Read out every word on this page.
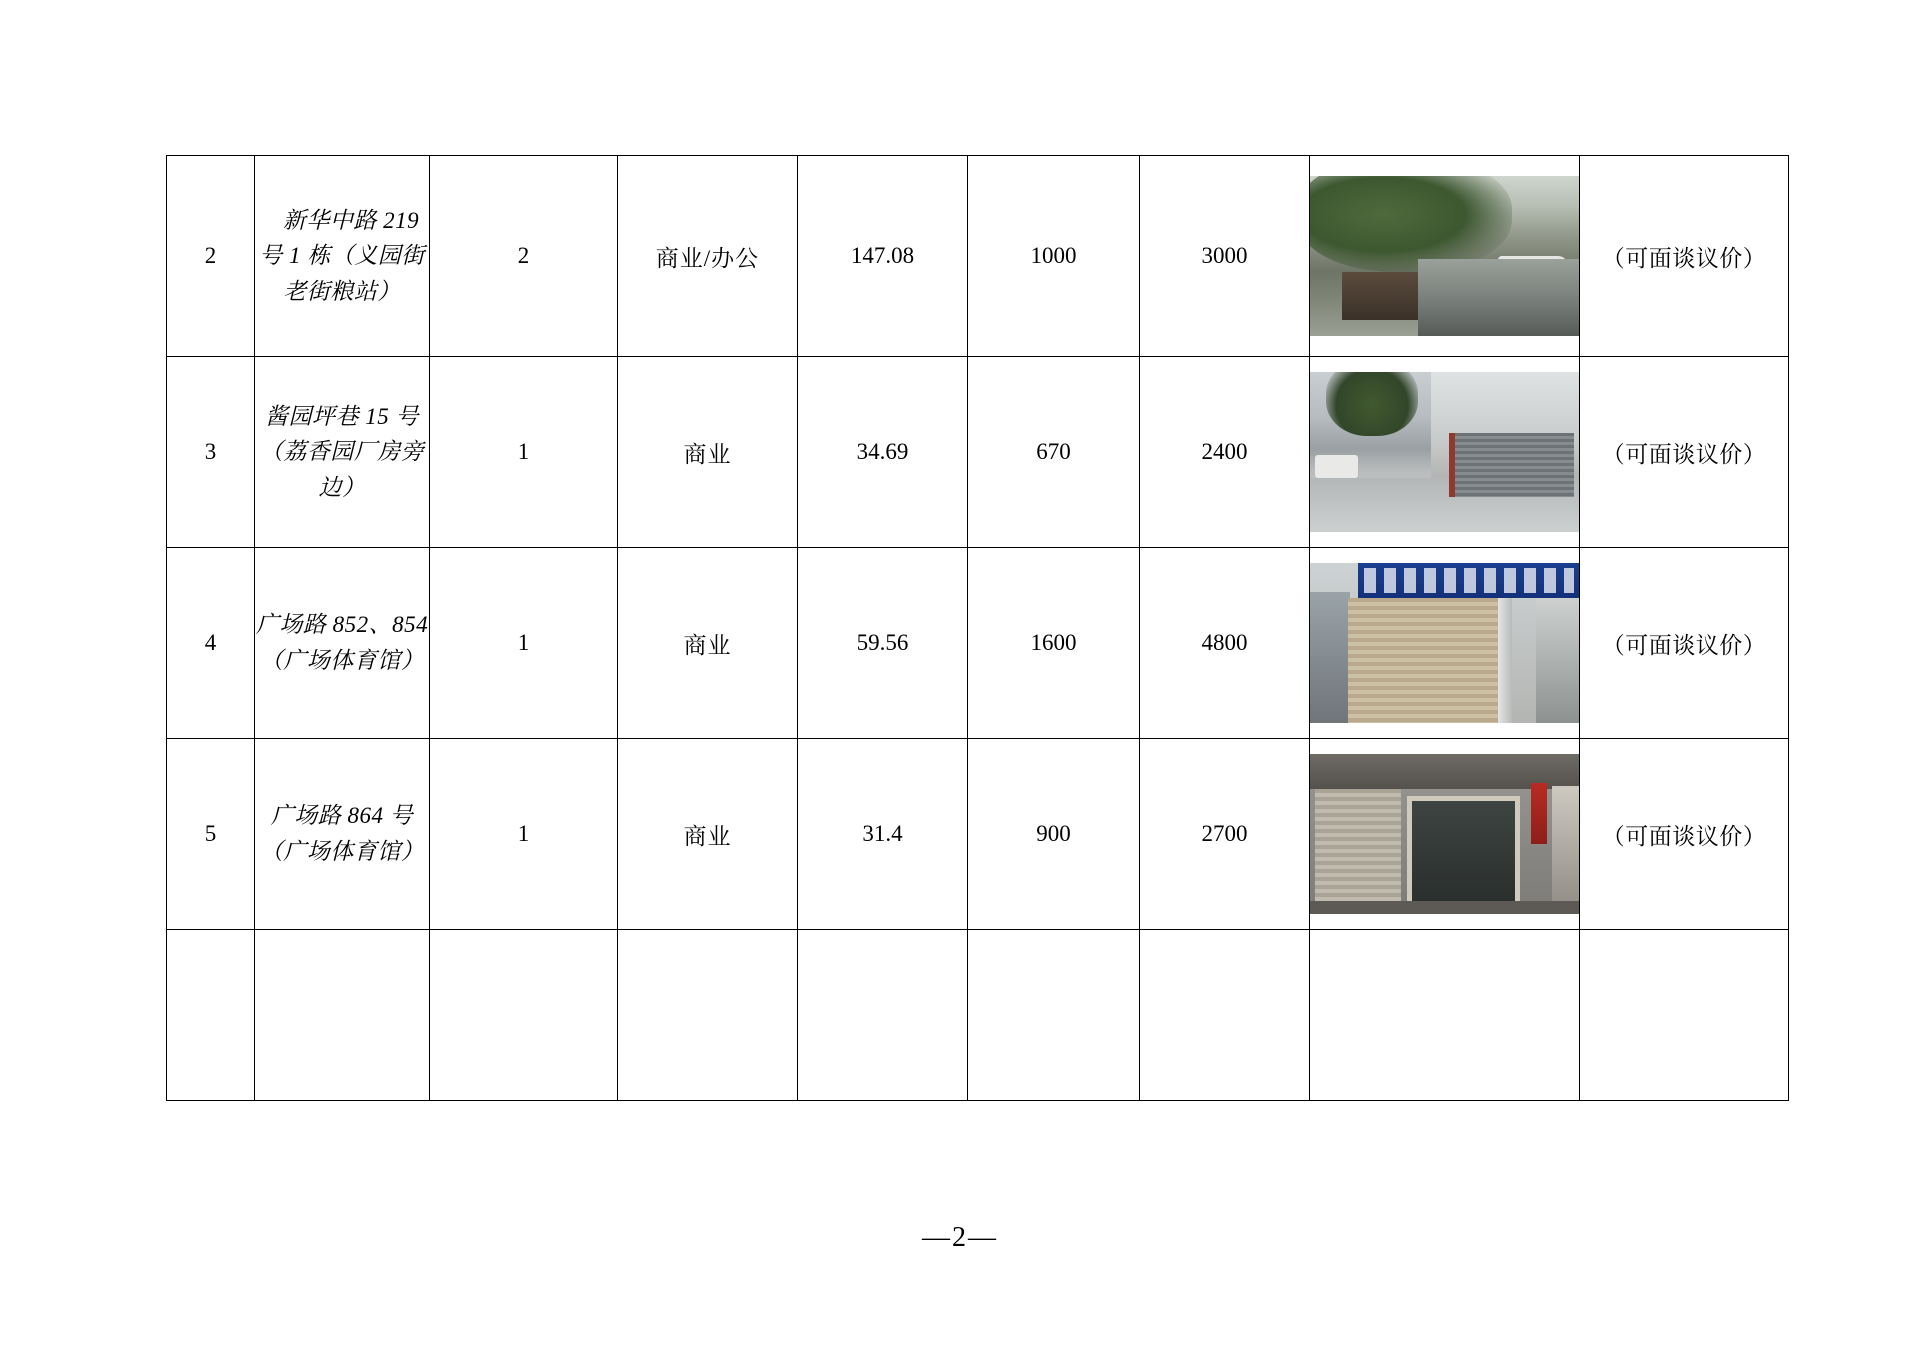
2	新华中路 219 号 1 栋（义园街老街粮站）	2	商业/办公	147.08	1000	3000		（可面谈议价）
3	酱园坪巷 15 号（荔香园厂房旁边）	1	商业	34.69	670	2400		（可面谈议价）
4	广场路 852、854（广场体育馆）	1	商业	59.56	1600	4800		（可面谈议价）
5	广场路 864 号（广场体育馆）	1	商业	31.4	900	2700		（可面谈议价）

—2—
